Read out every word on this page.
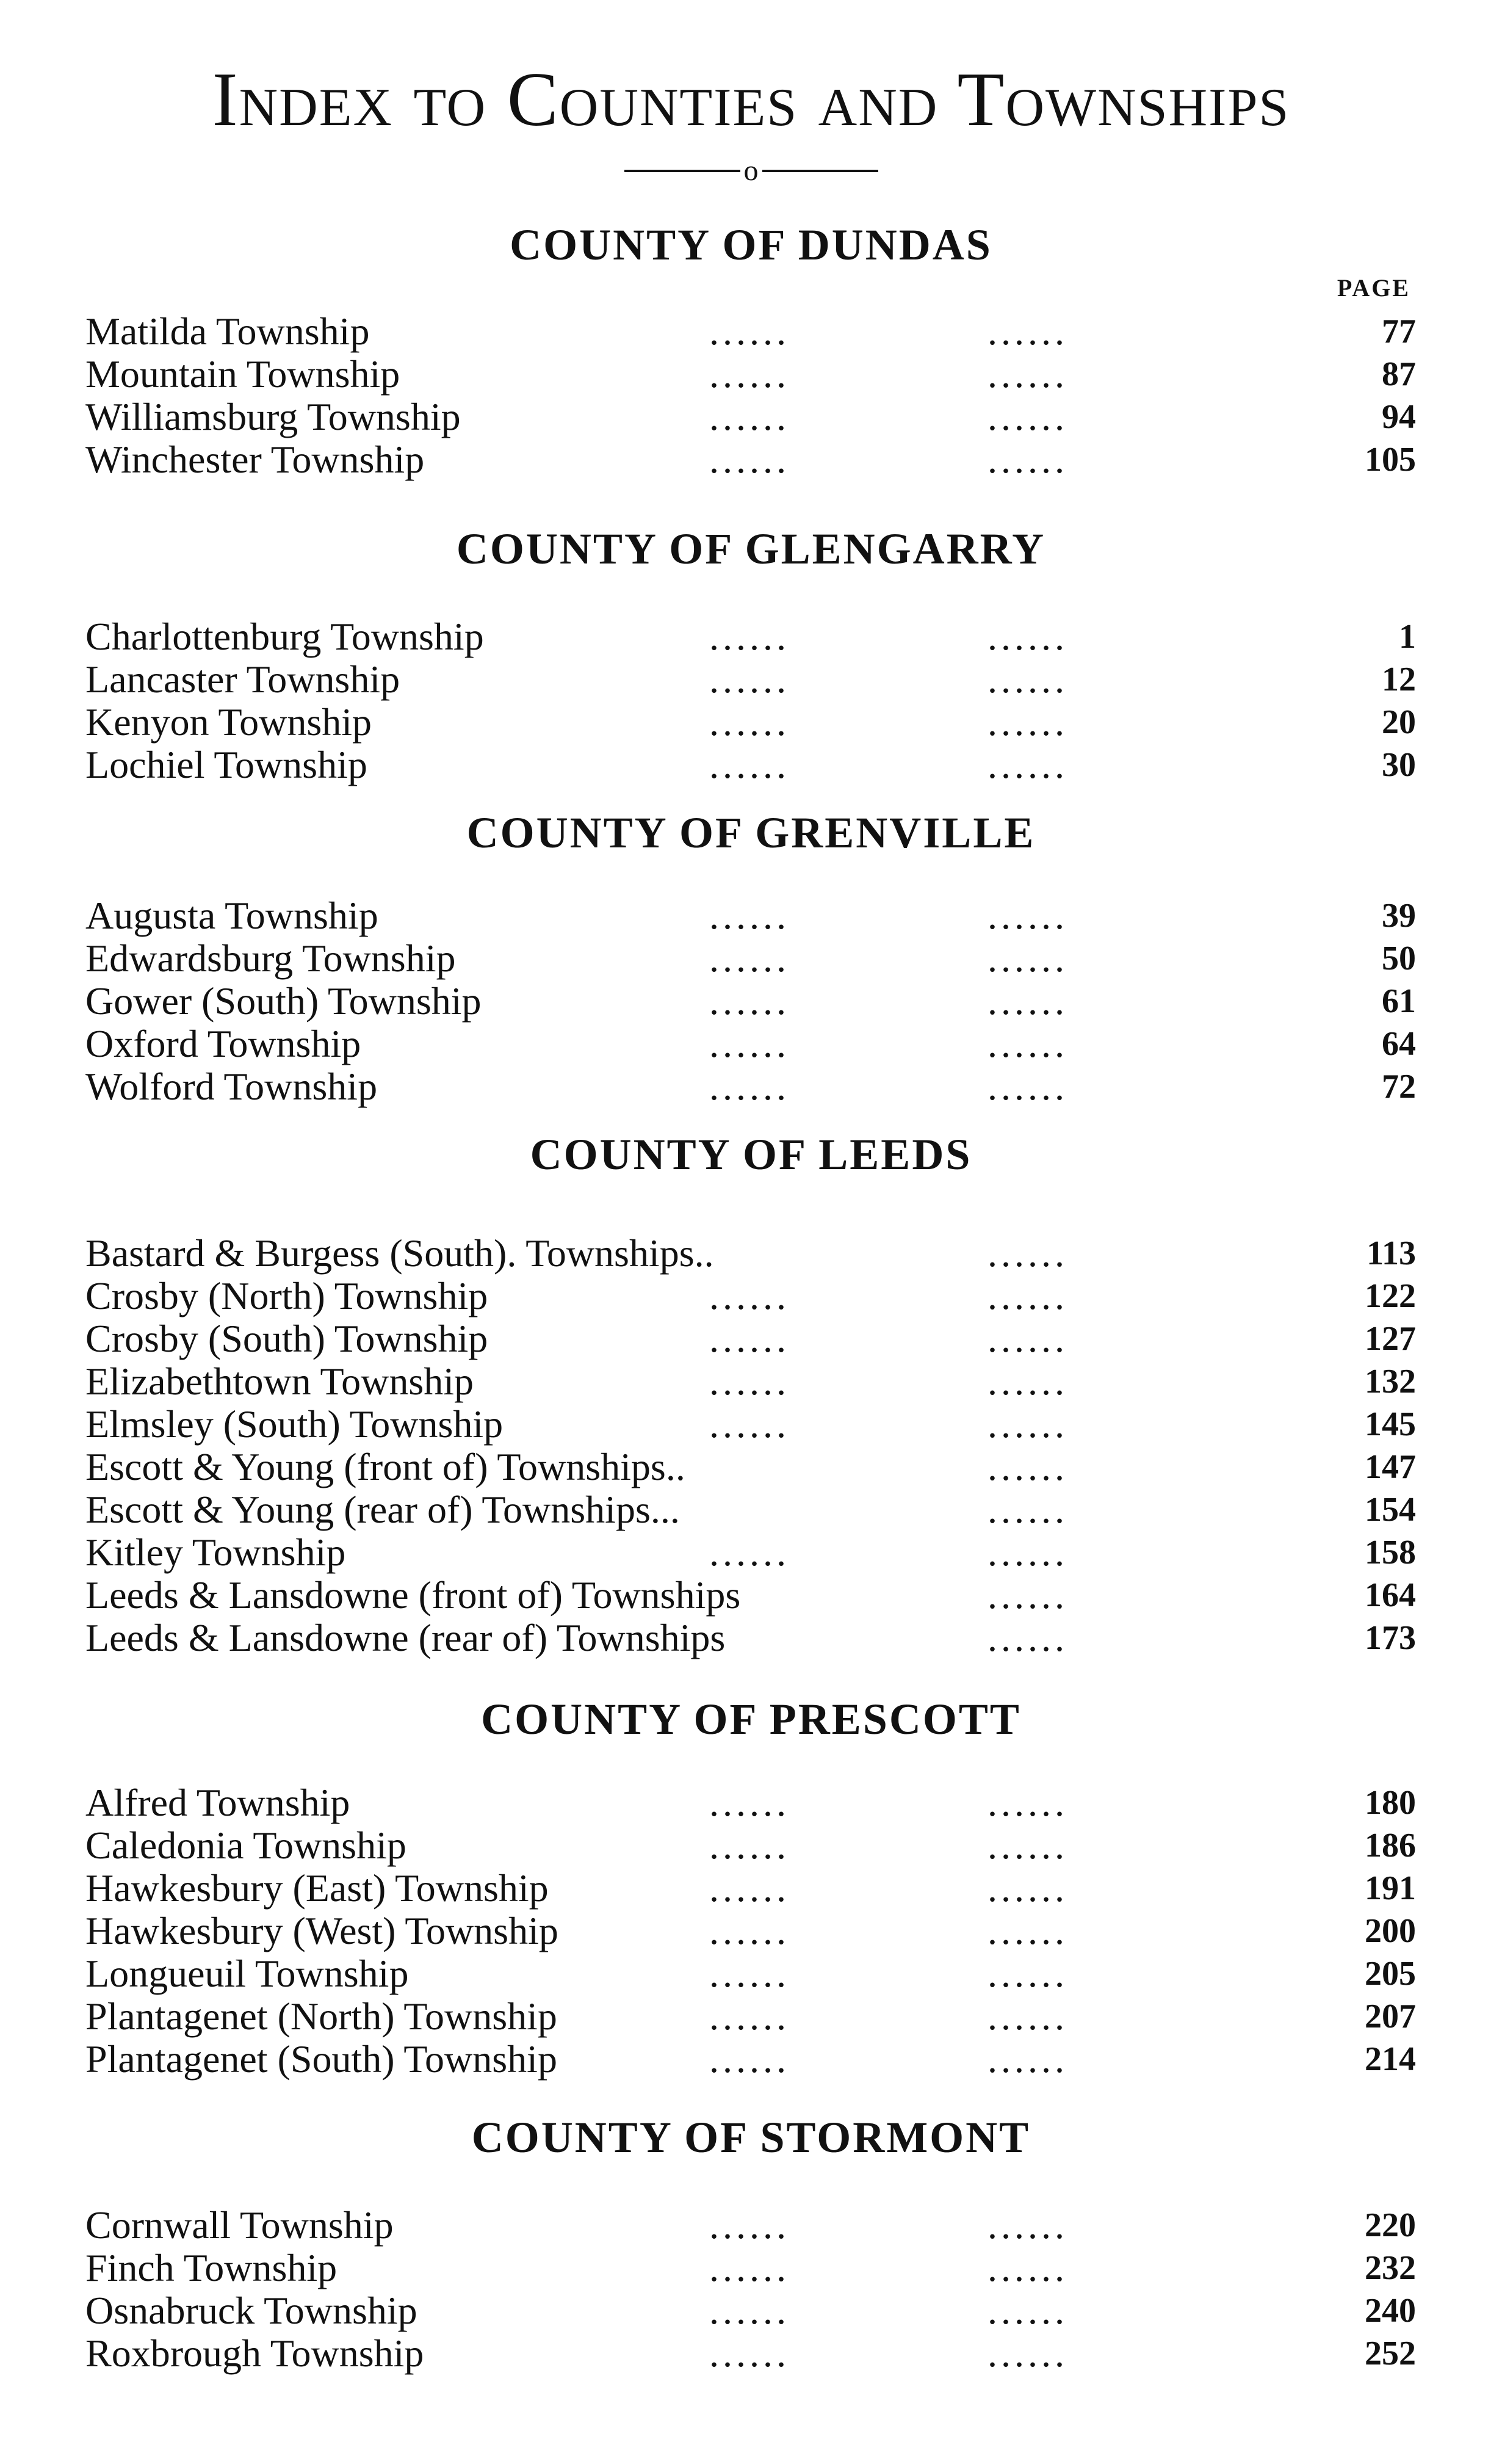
Index to Counties and Townships
o
PAGE
COUNTY OF DUNDAS
Matilda Township	......	......	77
Mountain Township	......	......	87
Williamsburg Township	......	......	94
Winchester Township	......	......	105
COUNTY OF GLENGARRY
Charlottenburg Township	......	......	1
Lancaster Township	......	......	12
Kenyon Township	......	......	20
Lochiel Township	......	......	30
COUNTY OF GRENVILLE
Augusta Township	......	......	39
Edwardsburg Township	......	......	50
Gower (South) Township	......	......	61
Oxford Township	......	......	64
Wolford Township	......	......	72
COUNTY OF LEEDS
Bastard & Burgess (South). Townships..	......	113
Crosby (North) Township	......	......	122
Crosby (South) Township	......	......	127
Elizabethtown Township	......	......	132
Elmsley (South) Township	......	......	145
Escott & Young (front of) Townships..	......	147
Escott & Young (rear of) Townships...	......	154
Kitley Township	......	......	158
Leeds & Lansdowne (front of) Townships	......	164
Leeds & Lansdowne (rear of) Townships	......	173
COUNTY OF PRESCOTT
Alfred Township	......	......	180
Caledonia Township	......	......	186
Hawkesbury (East) Township	......	......	191
Hawkesbury (West) Township	......	......	200
Longueuil Township	......	......	205
Plantagenet (North) Township	......	......	207
Plantagenet (South) Township	......	......	214
COUNTY OF STORMONT
Cornwall Township	......	......	220
Finch Township	......	......	232
Osnabruck Township	......	......	240
Roxbrough Township	......	......	252
